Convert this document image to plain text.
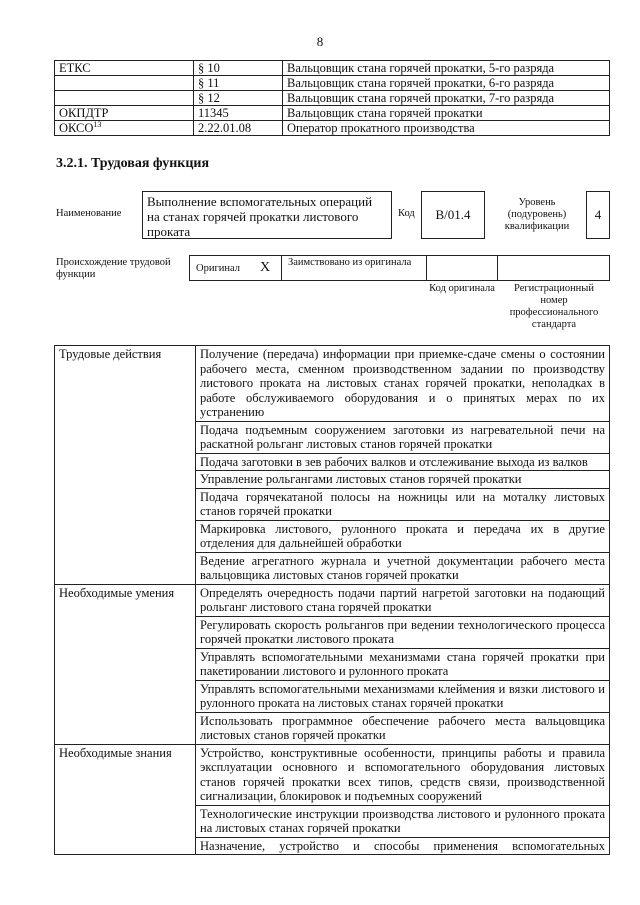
8
ЕТКС	§ 10	Вальцовщик стана горячей прокатки, 5-го разряда
	§ 11	Вальцовщик стана горячей прокатки, 6-го разряда
	§ 12	Вальцовщик стана горячей прокатки, 7-го разряда
ОКПДТР	11345	Вальцовщик стана горячей прокатки
ОКСО$^{13}$	2.22.01.08	Оператор прокатного производства
3.2.1. Трудовая функция
Наименование
Выполнение вспомогательных операций на станах горячей прокатки листового проката
Код	B/01.4
Уровень (подуровень) квалификации
4
Происхождение трудовой функции
Оригинал X Заимствовано из оригинала
Код оригинала	Регистрационный номер профессионального стандарта
Трудовые действия	Получение (передача) информации при приемке-сдаче смены о состоянии рабочего места, сменном производственном задании по производству листового проката на листовых станах горячей прокатки, неполадках в работе обслуживаемого оборудования и о принятых мерах по их устранению
	Подача подъемным сооружением заготовки из нагревательной печи на раскатной рольганг листовых станов горячей прокатки
	Подача заготовки в зев рабочих валков и отслеживание выхода из валков
	Управление рольгангами листовых станов горячей прокатки
	Подача горячекатаной полосы на ножницы или на моталку листовых станов горячей прокатки
	Маркировка листового, рулонного проката и передача их в другие отделения для дальнейшей обработки
	Ведение агрегатного журнала и учетной документации рабочего места вальцовщика листовых станов горячей прокатки
Необходимые умения	Определять очередность подачи партий нагретой заготовки на подающий рольганг листового стана горячей прокатки
	Регулировать скорость рольгангов при ведении технологического процесса горячей прокатки листового проката
	Управлять вспомогательными механизмами стана горячей прокатки при пакетировании листового и рулонного проката
	Управлять вспомогательными механизмами клеймения и вязки листового и рулонного проката на листовых станах горячей прокатки
	Использовать программное обеспечение рабочего места вальцовщика листовых станов горячей прокатки
Необходимые знания	Устройство, конструктивные особенности, принципы работы и правила эксплуатации основного и вспомогательного оборудования листовых станов горячей прокатки всех типов, средств связи, производственной сигнализации, блокировок и подъемных сооружений
	Технологические инструкции производства листового и рулонного проката на листовых станах горячей прокатки
	Назначение, устройство и способы применения вспомогательных
